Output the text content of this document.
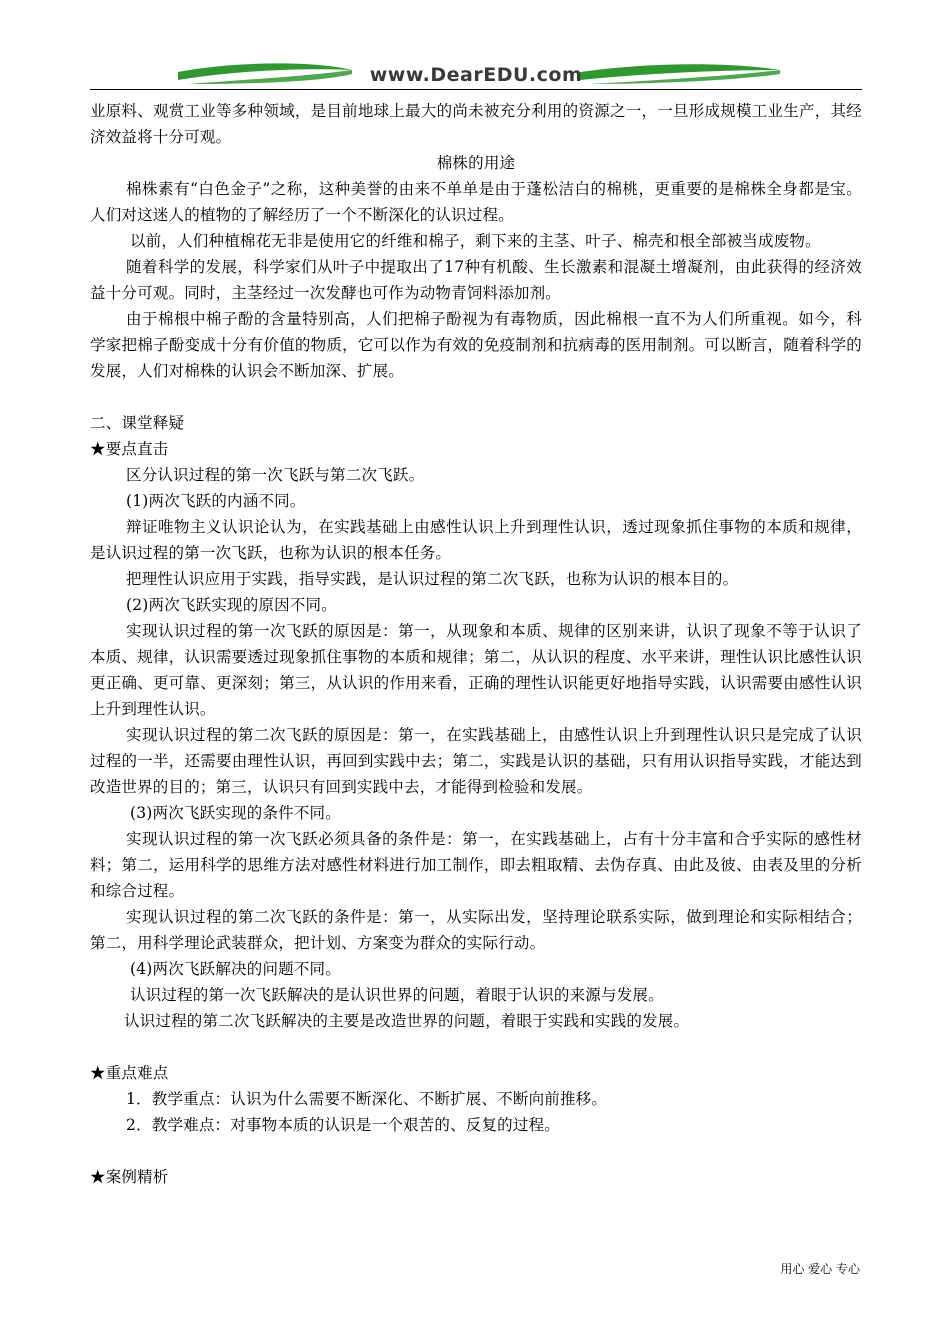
www.DearEDU.com

业原料、观赏工业等多种领域，是目前地球上最大的尚未被充分利用的资源之一，一旦形成规模工业生产，其经济效益将十分可观。

棉株的用途

棉株素有“白色金子”之称，这种美誉的由来不单单是由于蓬松洁白的棉桃，更重要的是棉株全身都是宝。人们对这迷人的植物的了解经历了一个不断深化的认识过程。

以前，人们种植棉花无非是使用它的纤维和棉子，剩下来的主茎、叶子、棉壳和根全部被当成废物。

随着科学的发展，科学家们从叶子中提取出了17种有机酸、生长激素和混凝土增凝剂，由此获得的经济效益十分可观。同时，主茎经过一次发酵也可作为动物青饲料添加剂。

由于棉根中棉子酚的含量特别高，人们把棉子酚视为有毒物质，因此棉根一直不为人们所重视。如今，科学家把棉子酚变成十分有价值的物质，它可以作为有效的免疫制剂和抗病毒的医用制剂。可以断言，随着科学的发展，人们对棉株的认识会不断加深、扩展。

二、课堂释疑

★要点直击

区分认识过程的第一次飞跃与第二次飞跃。

(1)两次飞跃的内涵不同。

辩证唯物主义认识论认为，在实践基础上由感性认识上升到理性认识，透过现象抓住事物的本质和规律，是认识过程的第一次飞跃，也称为认识的根本任务。

把理性认识应用于实践，指导实践，是认识过程的第二次飞跃，也称为认识的根本目的。

(2)两次飞跃实现的原因不同。

实现认识过程的第一次飞跃的原因是：第一，从现象和本质、规律的区别来讲，认识了现象不等于认识了本质、规律，认识需要透过现象抓住事物的本质和规律；第二，从认识的程度、水平来讲，理性认识比感性认识更正确、更可靠、更深刻；第三，从认识的作用来看，正确的理性认识能更好地指导实践，认识需要由感性认识上升到理性认识。

实现认识过程的第二次飞跃的原因是：第一，在实践基础上，由感性认识上升到理性认识只是完成了认识过程的一半，还需要由理性认识，再回到实践中去；第二，实践是认识的基础，只有用认识指导实践，才能达到改造世界的目的；第三，认识只有回到实践中去，才能得到检验和发展。

(3)两次飞跃实现的条件不同。

实现认识过程的第一次飞跃必须具备的条件是：第一，在实践基础上，占有十分丰富和合乎实际的感性材料；第二，运用科学的思维方法对感性材料进行加工制作，即去粗取精、去伪存真、由此及彼、由表及里的分析和综合过程。

实现认识过程的第二次飞跃的条件是：第一，从实际出发，坚持理论联系实际，做到理论和实际相结合；第二，用科学理论武装群众，把计划、方案变为群众的实际行动。

(4)两次飞跃解决的问题不同。

认识过程的第一次飞跃解决的是认识世界的问题，着眼于认识的来源与发展。

认识过程的第二次飞跃解决的主要是改造世界的问题，着眼于实践和实践的发展。

★重点难点

1．教学重点：认识为什么需要不断深化、不断扩展、不断向前推移。

2．教学难点：对事物本质的认识是一个艰苦的、反复的过程。

★案例精析

用心 爱心 专心
